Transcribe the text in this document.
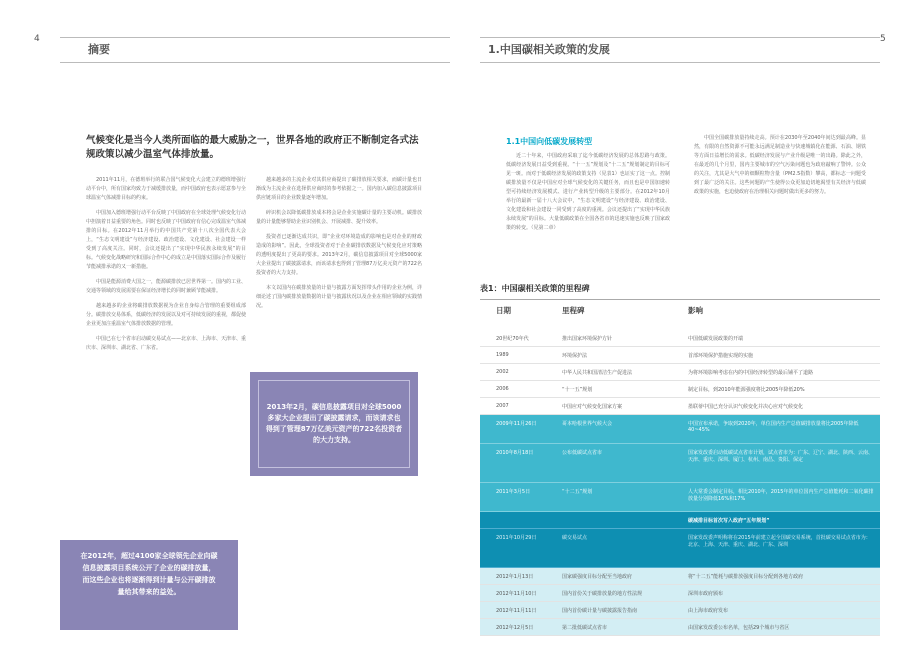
4	5
摘要
气候变化是当今人类所面临的最大威胁之一，世界各地的政府正不断制定各式法规政策以减少温室气体排放量。

2011年11月，在德班举行的联合国气候变化大会建立的德班增强行动平台中，所有国家均致力于减缓排放量，而中国政府也表示愿意参与全球温室气体减排目标的约束。

中国加入德班增强行动平台反映了中国政府在全球处理气候变化行动中担演着日益重要的角色。同时也反映了中国政府有信心完成温室气体减排的目标。在2012年11月举行的中国共产党第十八次全国代表大会上，“生态文明建设”与经济建设、政治建设、文化建设、社会建设一样受到了高度关注。同时，会议还提出了“实现中华民族永续发展”的目标。气候变化战略研究和国际合作中心的成立是中国落实国际合作及履行节能减排承诺的又一新措施。

中国是能源消费大国之一，能源碳排放已居世界第一。国内的工业、交通等领域的发展需要在保证经济增长的同时兼顾节能减排。

越来越多的企业将碳排放数据视为企业自身综合管理的重要组成部分。碳排放交易体系，低碳经济的发展以及对可持续发展的重视，都促使企业更加注重温室气体排放数据的管理。

中国已在七个省市启动碳交易试点——北京市、上海市、天津市、重庆市、深圳市、湖北省、广东省。

越来越多的主流企业对其供应商提出了碳排放相关要求，而碳计量也日渐成为主流企业在选择供应商时的参考依据之一。国内加入碳信息披露项目供应链项目的企业数量逐年增加。

碎识机会以降低碳排放成本将会是企业实施碳计量的主要动机。碳排放量的计量能够帮助企业识别机会、开展减排、提升效率。

投资者已逐渐达成共识，即“企业对环境造成的影响也是对企业的财政造成的影响”。因此，全球投资者对于企业碳排放数据及气候变化应对策略的透明度提出了更高的要求。2013年2月，碳信息披露项目对全球5000家大企业提出了碳披露请求，而该请求也得到了管理87万亿美元资产的722名投资者的大力支持。

本文以国内在碳排放量的计量与披露方面发挥带头作用的企业为例，详细论述了国内碳排放量数据的计量与披露状况以及企业在相应领域的实践情况。

2013年2月，碳信息披露项目对全球5000多家大企业提出了碳披露请求，而该请求也得到了管理87万亿美元资产的722名投资者的大力支持。
在2012年，超过4100家全球领先企业向碳信息披露项目系统公开了企业的碳排放量，而这些企业也将逐渐得到计量与公开碳排放量给其带来的益处。
1.中国碳相关政策的发展
1.1中国向低碳发展转型

近二十年来，中国政府采取了迄今低碳经济发展的总体思路与政策。低碳经济发展日益受到重视。“十一五”规划及“十二五”规划制定的目标可见一斑。而对于低碳经济发展的政策支持（见表1）也证实了这一点。控制碳排放量不仅是中国应对全球气候变化的关键任务，而且也是中国加速转型可持续经济发展模式、进行产业转型升级的主要部分。在2012年10月举行的最新一届十八大会议中，“生态文明建设”与经济建设、政治建设、文化建设和社会建设一同受到了高度的重视。会议还提出了“实现中华民族永续发展”的目标。大量低碳政策在全国各省市的迅速实施也反映了国家政策的转变。（见第二章）

中国全国碳排放量持续走高。预计在2030年至2040年间达到最高峰。显然，有限的自然资源不可能永远满足制造业与快速城镇化在能源、石油、钢铁等方面日益增长的需求。低碳经济发展与产业升级是唯一的出路。除此之外，在最近的几个月里，国内主要城市的空气污染问题也为政府敲响了警钟。公众的关注，尤其是大气中的细颗粒物含量（PM2.5指数）攀高，都标志一问题受到了最广泛的关注。这些问题的产生使得公众更加迫切地渴望有关经济与低碳政策的实施，也迫使政府在治理相关问题时做出更多的努力。

表1：中国碳相关政策的里程碑
日期	里程碑	影响
20世纪70年代	推出国家环境保护方针	中国低碳发展政策的开端
1989	环境保护法	首部环境保护措施实现的实施
2002	中华人民共和国清洁生产促进法	为将环境影响考虑在内的中国经济转型的最后铺平了道路
2006	“十一五”规划	制定目标，到2010年能源强度将比2005年降低20%
2007	中国应对气候变化国家方案	墨联蒂中国已充分认识气候变化并决心应对气候变化
2009年11月26日	哥本哈根世界气候大会	中国宣布承诺，争取到2020年，单位国内生产总值碳排放量将比2005年降低40~45%
2010年8月18日	公布低碳试点省市	国家发改委启动低碳试点省市计划，试点省市为：广东、辽宁、湖北、陕西、云南、天津、重庆、深圳、厦门、杭州、南昌、贵阳、保定
2011年3月5日	“十二五”规划	人大常委会制定目标，相比2010年，2015年的单位国内生产总值能耗和二氧化碳排放量分别降低16%和17%
碳减排目标首次写入政府“五年规划”
2011年10月29日	碳交易试点	国家发改委声明称将在2015年前建立起全国碳交易系统，首批碳交易试点省市为：北京、上海、天津、重庆、湖北、广东、深圳
2012年1月13日	国家碳强度目标分配至当地政府	将“十二五”能耗与碳排放强度目标分配到各地方政府
2012年11月10日	国内首份关于碳排放量的地方性法规	深圳市政府颁布
2012年11月11日	国内首份碳计量与碳披露报告指南	由上海市政府发布
2012年12月5日	第二批低碳试点省市	由国家发改委公布名单，包括29个城市与省区
